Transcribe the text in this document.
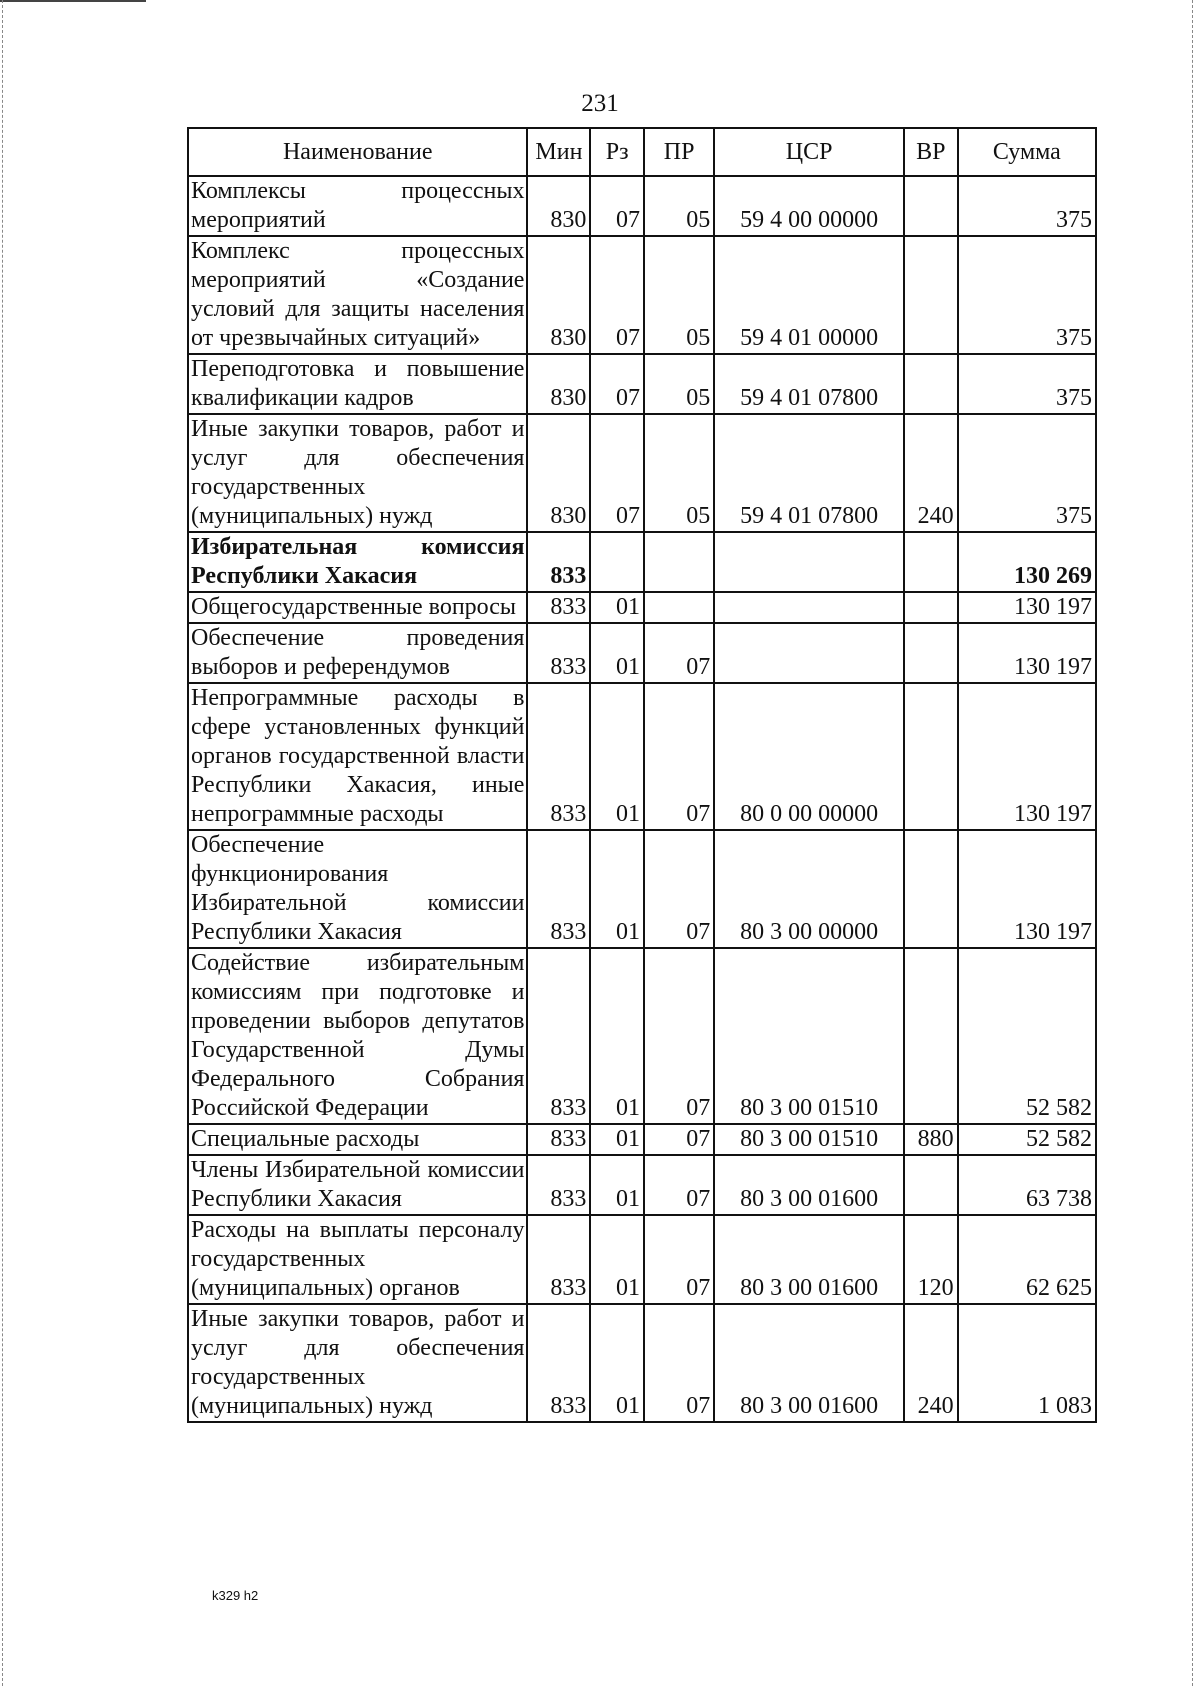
231
Наименование	Мин	Рз	ПР	ЦСР	ВР	Сумма
Комплексы процессных мероприятий	830	07	05	59 4 00 00000		375
Комплекс процессных мероприятий «Создание условий для защиты населения от чрезвычайных ситуаций»	830	07	05	59 4 01 00000		375
Переподготовка и повышение квалификации кадров	830	07	05	59 4 01 07800		375
Иные закупки товаров, работ и услуг для обеспечения государственных (муниципальных) нужд	830	07	05	59 4 01 07800	240	375
Избирательная комиссия Республики Хакасия	833					130 269
Общегосударственные вопросы	833	01				130 197
Обеспечение проведения выборов и референдумов	833	01	07			130 197
Непрограммные расходы в сфере установленных функций органов государственной власти Республики Хакасия, иные непрограммные расходы	833	01	07	80 0 00 00000		130 197
Обеспечение функционирования Избирательной комиссии Республики Хакасия	833	01	07	80 3 00 00000		130 197
Содействие избирательным комиссиям при подготовке и проведении выборов депутатов Государственной Думы Федерального Собрания Российской Федерации	833	01	07	80 3 00 01510		52 582
Специальные расходы	833	01	07	80 3 00 01510	880	52 582
Члены Избирательной комиссии Республики Хакасия	833	01	07	80 3 00 01600		63 738
Расходы на выплаты персоналу государственных (муниципальных) органов	833	01	07	80 3 00 01600	120	62 625
Иные закупки товаров, работ и услуг для обеспечения государственных (муниципальных) нужд	833	01	07	80 3 00 01600	240	1 083
k329 h2
